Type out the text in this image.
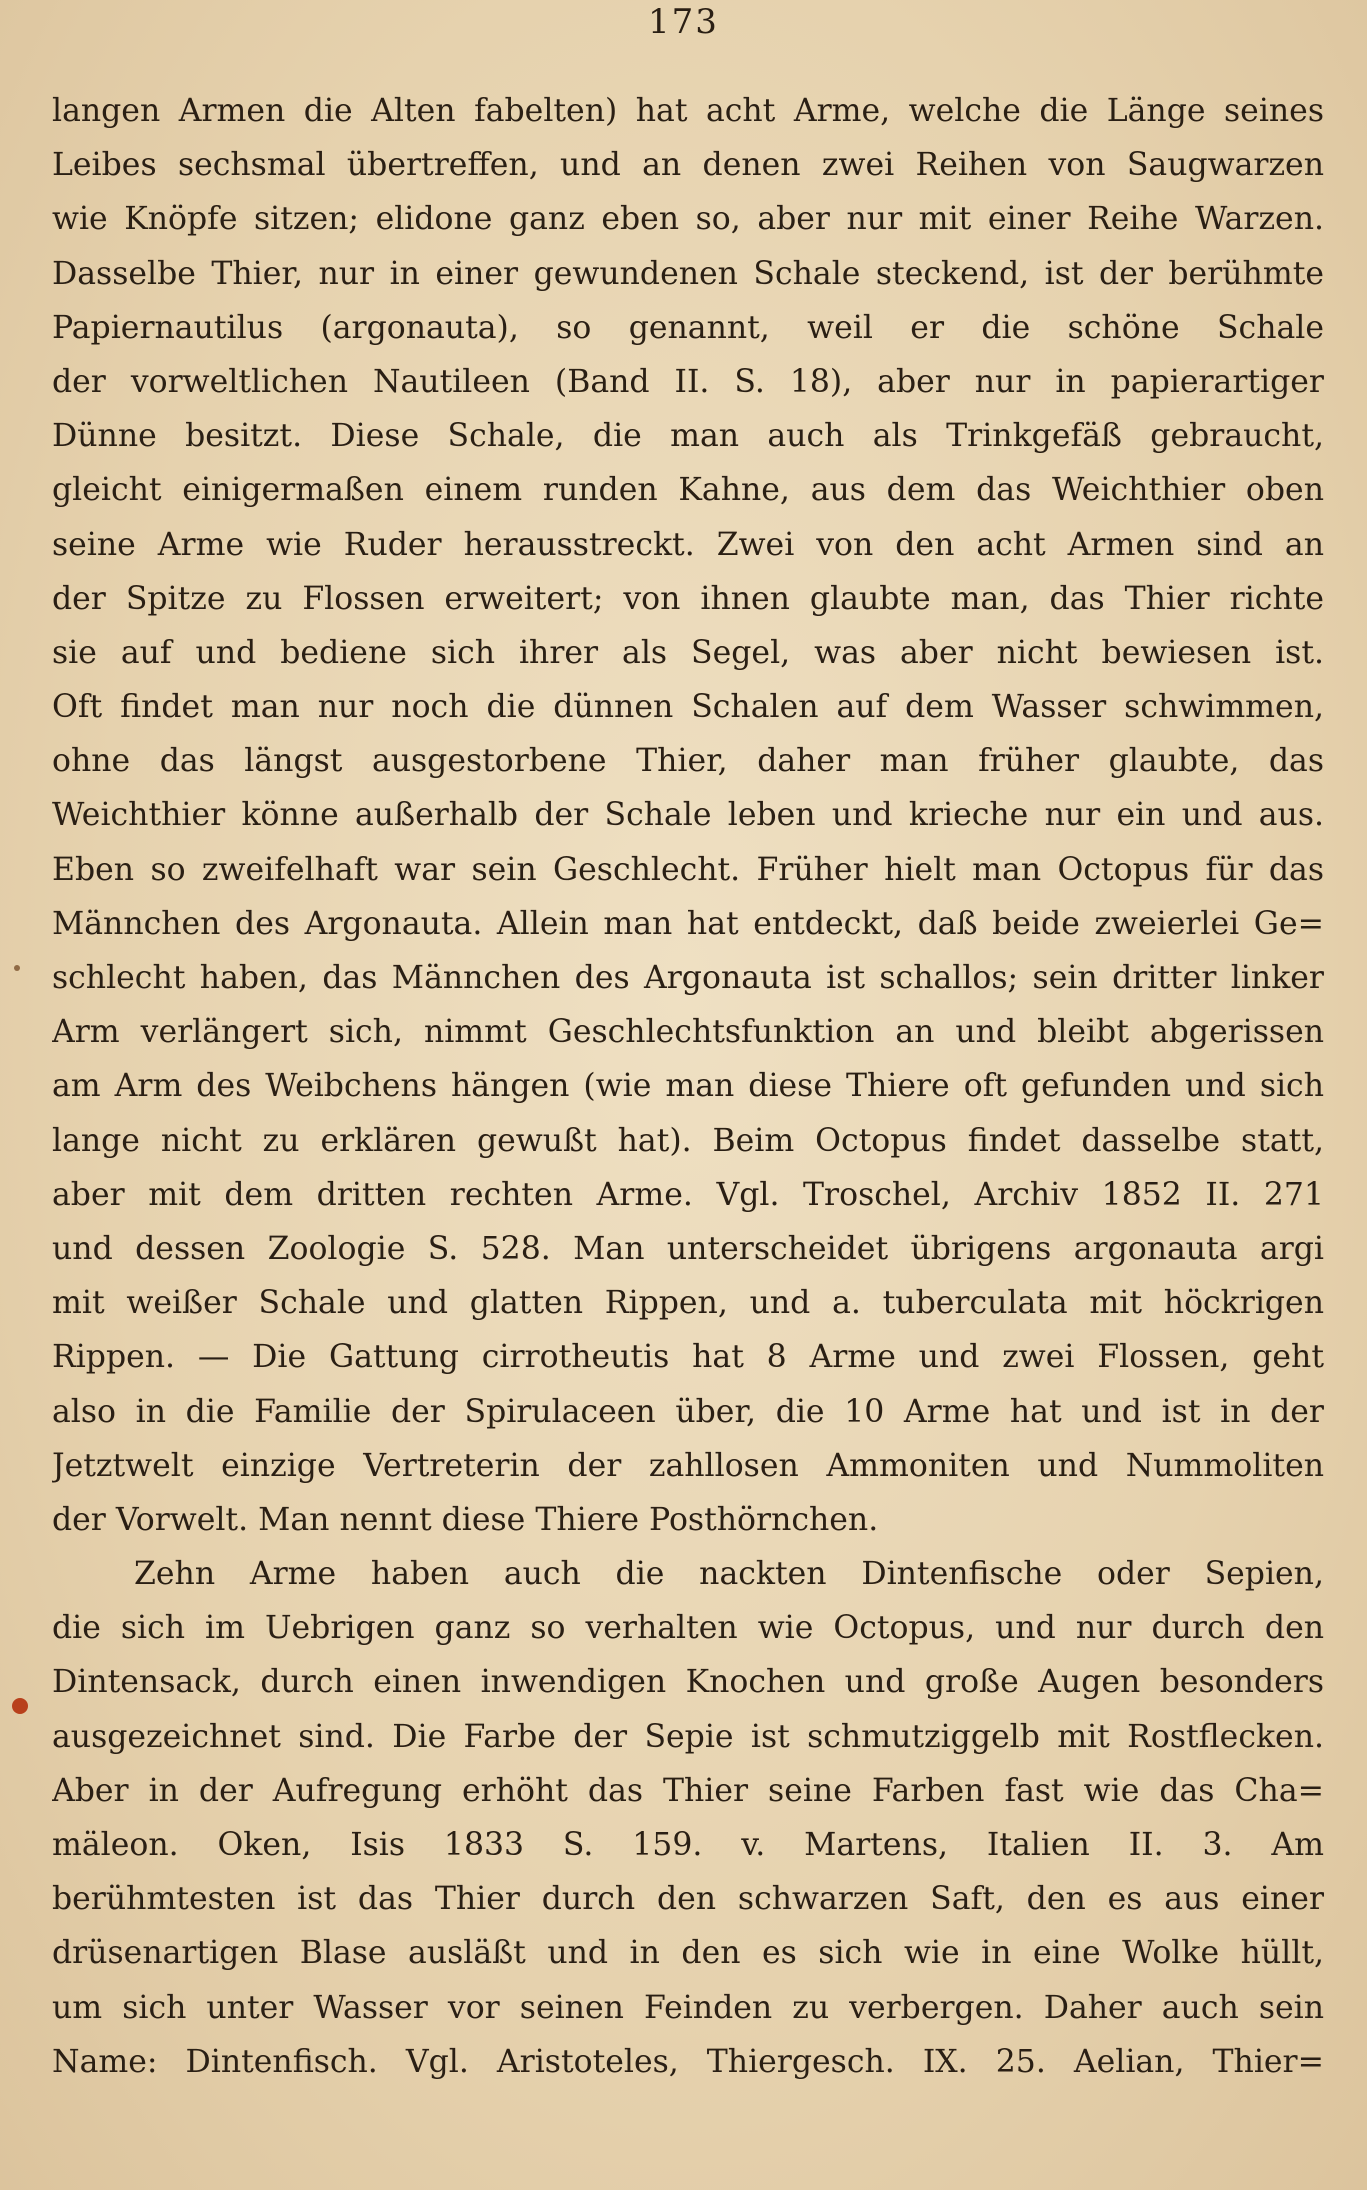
173
langen Armen die Alten fabelten) hat acht Arme, welche die Länge seines
Leibes sechsmal übertreffen, und an denen zwei Reihen von Saugwarzen
wie Knöpfe sitzen; elidone ganz eben so, aber nur mit einer Reihe Warzen.
Dasselbe Thier, nur in einer gewundenen Schale steckend, ist der berühmte
Papiernautilus (argonauta), so genannt, weil er die schöne Schale
der vorweltlichen Nautileen (Band II. S. 18), aber nur in papierartiger
Dünne besitzt. Diese Schale, die man auch als Trinkgefäß gebraucht,
gleicht einigermaßen einem runden Kahne, aus dem das Weichthier oben
seine Arme wie Ruder herausstreckt. Zwei von den acht Armen sind an
der Spitze zu Flossen erweitert; von ihnen glaubte man, das Thier richte
sie auf und bediene sich ihrer als Segel, was aber nicht bewiesen ist.
Oft findet man nur noch die dünnen Schalen auf dem Wasser schwimmen,
ohne das längst ausgestorbene Thier, daher man früher glaubte, das
Weichthier könne außerhalb der Schale leben und krieche nur ein und aus.
Eben so zweifelhaft war sein Geschlecht. Früher hielt man Octopus für das
Männchen des Argonauta. Allein man hat entdeckt, daß beide zweierlei Ge=
schlecht haben, das Männchen des Argonauta ist schallos; sein dritter linker
Arm verlängert sich, nimmt Geschlechtsfunktion an und bleibt abgerissen
am Arm des Weibchens hängen (wie man diese Thiere oft gefunden und sich
lange nicht zu erklären gewußt hat). Beim Octopus findet dasselbe statt,
aber mit dem dritten rechten Arme. Vgl. Troschel, Archiv 1852 II. 271
und dessen Zoologie S. 528. Man unterscheidet übrigens argonauta argi
mit weißer Schale und glatten Rippen, und a. tuberculata mit höckrigen
Rippen. — Die Gattung cirrotheutis hat 8 Arme und zwei Flossen, geht
also in die Familie der Spirulaceen über, die 10 Arme hat und ist in der
Jetztwelt einzige Vertreterin der zahllosen Ammoniten und Nummoliten
der Vorwelt. Man nennt diese Thiere Posthörnchen.
Zehn Arme haben auch die nackten Dintenfische oder Sepien,
die sich im Uebrigen ganz so verhalten wie Octopus, und nur durch den
Dintensack, durch einen inwendigen Knochen und große Augen besonders
ausgezeichnet sind. Die Farbe der Sepie ist schmutziggelb mit Rostflecken.
Aber in der Aufregung erhöht das Thier seine Farben fast wie das Cha=
mäleon. Oken, Isis 1833 S. 159. v. Martens, Italien II. 3. Am
berühmtesten ist das Thier durch den schwarzen Saft, den es aus einer
drüsenartigen Blase ausläßt und in den es sich wie in eine Wolke hüllt,
um sich unter Wasser vor seinen Feinden zu verbergen. Daher auch sein
Name: Dintenfisch. Vgl. Aristoteles, Thiergesch. IX. 25. Aelian, Thier=
